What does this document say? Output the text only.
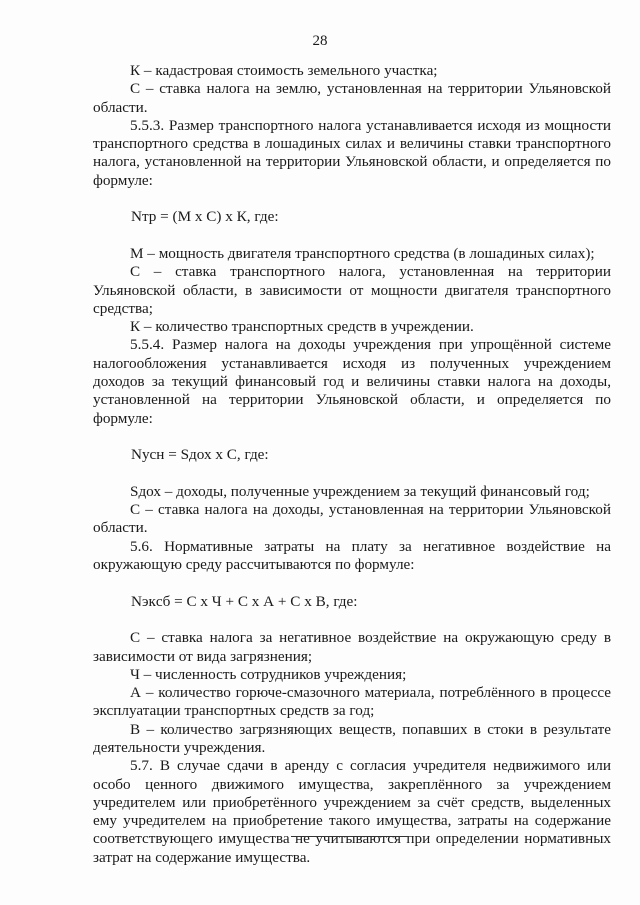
28

К – кадастровая стоимость земельного участка;

С – ставка налога на землю, установленная на территории Ульяновской области.

5.5.3. Размер транспортного налога устанавливается исходя из мощности транспортного средства в лошадиных силах и величины ставки транспортного налога, установленной на территории Ульяновской области, и определяется по формуле:

Nтр = (М х С) х К, где:

М – мощность двигателя транспортного средства (в лошадиных силах);

С – ставка транспортного налога, установленная на территории Ульяновской области, в зависимости от мощности двигателя транспортного средства;

К – количество транспортных средств в учреждении.

5.5.4. Размер налога на доходы учреждения при упрощённой системе налогообложения устанавливается исходя из полученных учреждением доходов за текущий финансовый год и величины ставки налога на доходы, установленной на территории Ульяновской области, и определяется по формуле:

Nусн = Sдох х С, где:

Sдох – доходы, полученные учреждением за текущий финансовый год;

С – ставка налога на доходы, установленная на территории Ульяновской области.

5.6. Нормативные затраты на плату за негативное воздействие на окружающую среду рассчитываются по формуле:

Nэкcб = С х Ч + С х А + С х В, где:

С – ставка налога за негативное воздействие на окружающую среду в зависимости от вида загрязнения;

Ч – численность сотрудников учреждения;

А – количество горюче-смазочного материала, потреблённого в процессе эксплуатации транспортных средств за год;

В – количество загрязняющих веществ, попавших в стоки в результате деятельности учреждения.

5.7. В случае сдачи в аренду с согласия учредителя недвижимого или особо ценного движимого имущества, закреплённого за учреждением учредителем или приобретённого учреждением за счёт средств, выделенных ему учредителем на приобретение такого имущества, затраты на содержание соответствующего имущества не учитываются при определении нормативных затрат на содержание имущества.
